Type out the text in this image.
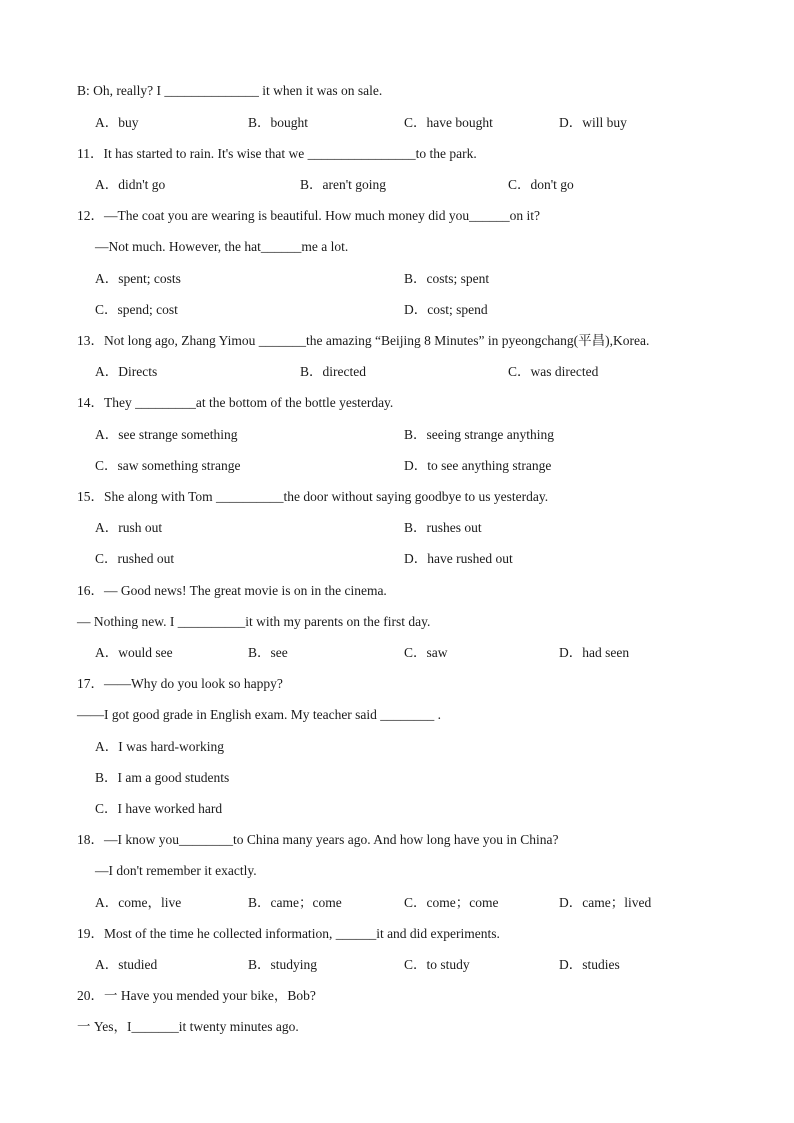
B: Oh, really? I ______________ it when it was on sale.
A．buy	B．bought	C．have bought	D．will buy
11．It has started to rain. It's wise that we ________________to the park.
A．didn't go	B．aren't going	C．don't go
12．—The coat you are wearing is beautiful. How much money did you______on it?
—Not much. However, the hat______me a lot.
A．spent; costs	B．costs; spent
C．spend; cost	D．cost; spend
13．Not long ago, Zhang Yimou _______the amazing “Beijing 8 Minutes” in pyeongchang(平昌),Korea.
A．Directs	B．directed	C．was directed
14．They _________at the bottom of the bottle yesterday.
A．see strange something	B．seeing strange anything
C．saw something strange	D．to see anything strange
15．She along with Tom __________the door without saying goodbye to us yesterday.
A．rush out	B．rushes out
C．rushed out	D．have rushed out
16．— Good news! The great movie is on in the cinema.
— Nothing new. I __________it with my parents on the first day.
A．would see	B．see	C．saw	D．had seen
17．——Why do you look so happy?
——I got good grade in English exam. My teacher said ________ .
A．I was hard-working
B．I am a good students
C．I have worked hard
18．—I know you________to China many years ago. And how long have you in China?
—I don't remember it exactly.
A．come，live	B．came；come	C．come；come	D．came；lived
19．Most of the time he collected information, ______it and did experiments.
A．studied	B．studying	C．to study	D．studies
20．一 Have you mended your bike，Bob?
一 Yes，I_______it twenty minutes ago.
